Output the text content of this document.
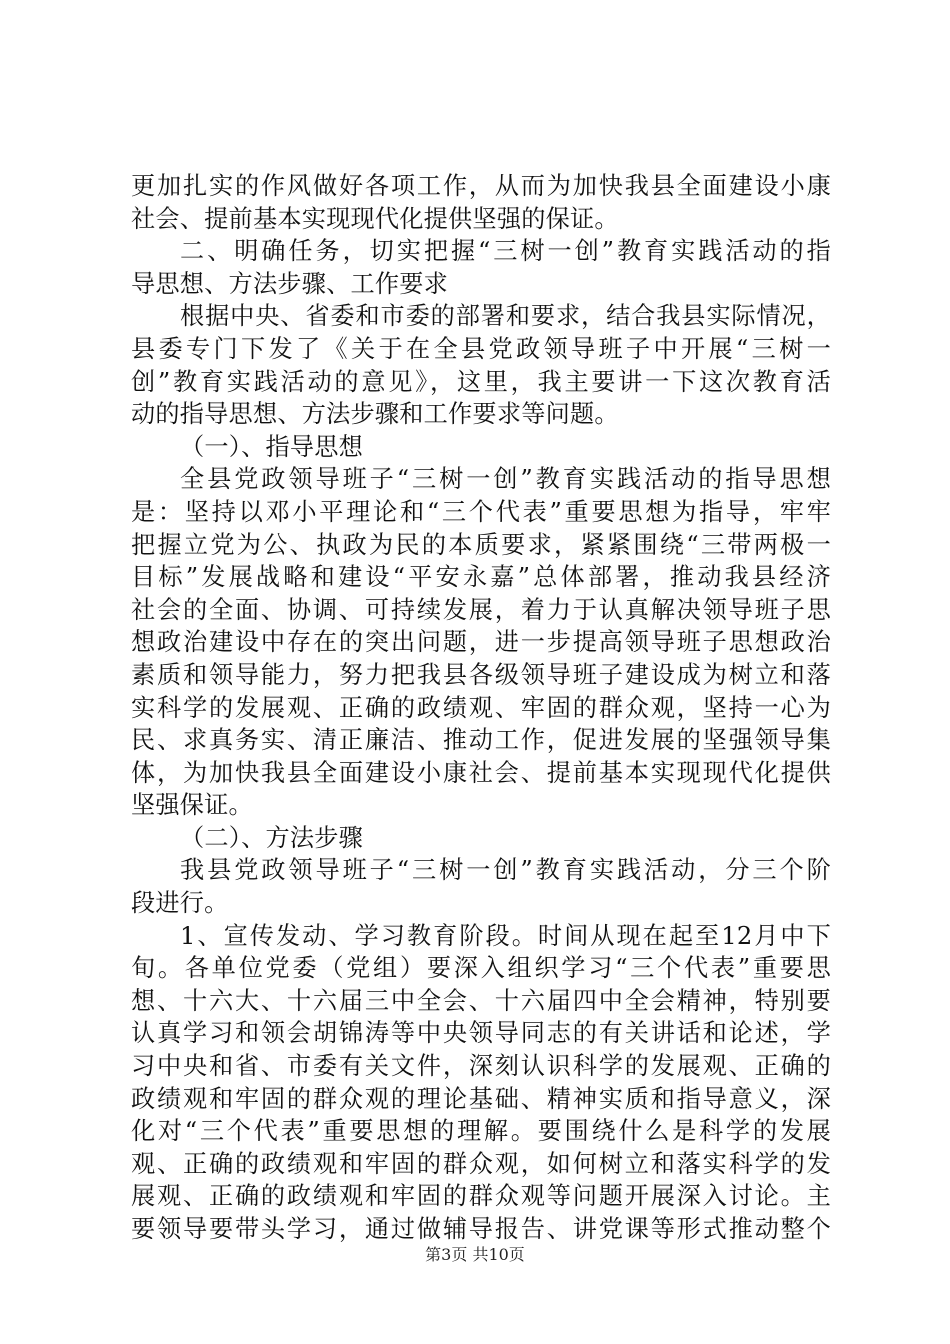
更加扎实的作风做好各项工作，从而为加快我县全面建设小康
社会、提前基本实现现代化提供坚强的保证。
二、明确任务，切实把握“三树一创”教育实践活动的指
导思想、方法步骤、工作要求
根据中央、省委和市委的部署和要求，结合我县实际情况，
县委专门下发了《关于在全县党政领导班子中开展“三树一
创”教育实践活动的意见》，这里，我主要讲一下这次教育活
动的指导思想、方法步骤和工作要求等问题。
（一）、指导思想
全县党政领导班子“三树一创”教育实践活动的指导思想
是：坚持以邓小平理论和“三个代表”重要思想为指导，牢牢
把握立党为公、执政为民的本质要求，紧紧围绕“三带两极一
目标”发展战略和建设“平安永嘉”总体部署，推动我县经济
社会的全面、协调、可持续发展，着力于认真解决领导班子思
想政治建设中存在的突出问题，进一步提高领导班子思想政治
素质和领导能力，努力把我县各级领导班子建设成为树立和落
实科学的发展观、正确的政绩观、牢固的群众观，坚持一心为
民、求真务实、清正廉洁、推动工作，促进发展的坚强领导集
体，为加快我县全面建设小康社会、提前基本实现现代化提供
坚强保证。
（二）、方法步骤
我县党政领导班子“三树一创”教育实践活动，分三个阶
段进行。
1、宣传发动、学习教育阶段。时间从现在起至12月中下
旬。各单位党委（党组）要深入组织学习“三个代表”重要思
想、十六大、十六届三中全会、十六届四中全会精神，特别要
认真学习和领会胡锦涛等中央领导同志的有关讲话和论述，学
习中央和省、市委有关文件，深刻认识科学的发展观、正确的
政绩观和牢固的群众观的理论基础、精神实质和指导意义，深
化对“三个代表”重要思想的理解。要围绕什么是科学的发展
观、正确的政绩观和牢固的群众观，如何树立和落实科学的发
展观、正确的政绩观和牢固的群众观等问题开展深入讨论。主
要领导要带头学习，通过做辅导报告、讲党课等形式推动整个
第3页 共10页
